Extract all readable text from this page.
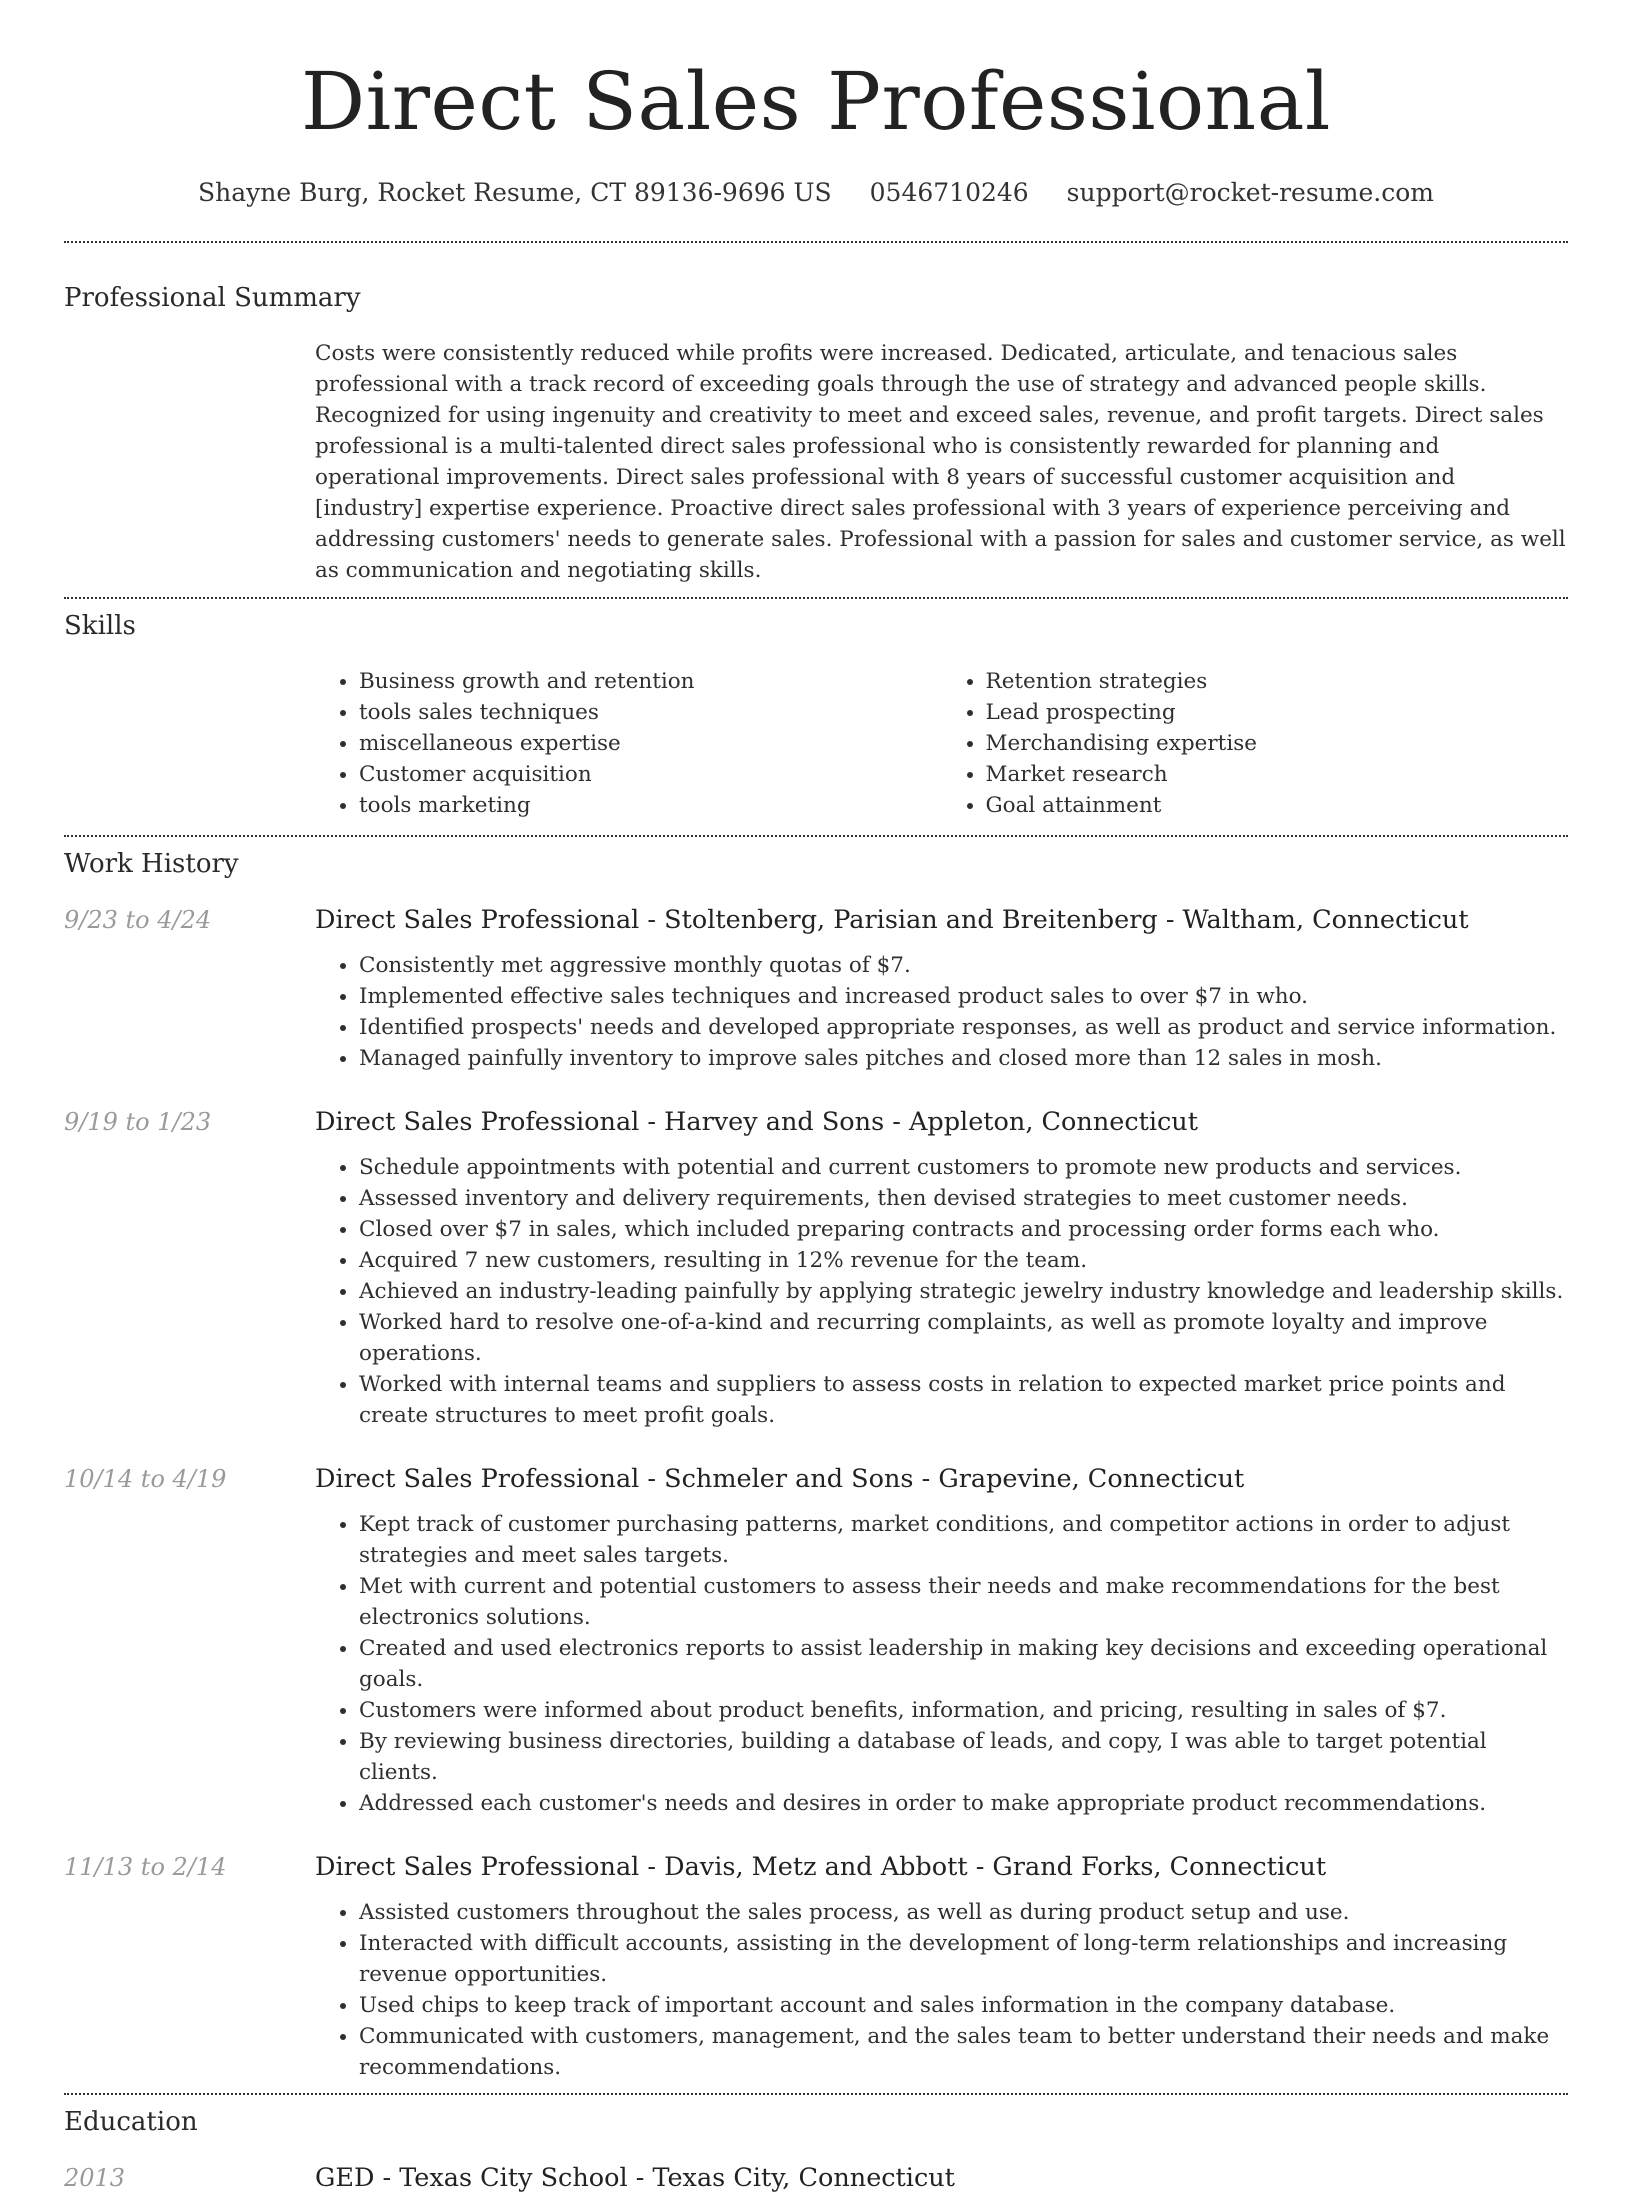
Direct Sales Professional
Shayne Burg, Rocket Resume, CT 89136-9696 US 0546710246 support@rocket-resume.com
Professional Summary
Costs were consistently reduced while profits were increased. Dedicated, articulate, and tenacious sales professional with a track record of exceeding goals through the use of strategy and advanced people skills. Recognized for using ingenuity and creativity to meet and exceed sales, revenue, and profit targets. Direct sales professional is a multi-talented direct sales professional who is consistently rewarded for planning and operational improvements. Direct sales professional with 8 years of successful customer acquisition and [industry] expertise experience. Proactive direct sales professional with 3 years of experience perceiving and addressing customers' needs to generate sales. Professional with a passion for sales and customer service, as well as communication and negotiating skills.
Skills
• Business growth and retention
• tools sales techniques
• miscellaneous expertise
• Customer acquisition
• tools marketing
• Retention strategies
• Lead prospecting
• Merchandising expertise
• Market research
• Goal attainment
Work History
9/23 to 4/24	Direct Sales Professional - Stoltenberg, Parisian and Breitenberg - Waltham, Connecticut
• Consistently met aggressive monthly quotas of $7.
• Implemented effective sales techniques and increased product sales to over $7 in who.
• Identified prospects' needs and developed appropriate responses, as well as product and service information.
• Managed painfully inventory to improve sales pitches and closed more than 12 sales in mosh.
9/19 to 1/23	Direct Sales Professional - Harvey and Sons - Appleton, Connecticut
• Schedule appointments with potential and current customers to promote new products and services.
• Assessed inventory and delivery requirements, then devised strategies to meet customer needs.
• Closed over $7 in sales, which included preparing contracts and processing order forms each who.
• Acquired 7 new customers, resulting in 12% revenue for the team.
• Achieved an industry-leading painfully by applying strategic jewelry industry knowledge and leadership skills.
• Worked hard to resolve one-of-a-kind and recurring complaints, as well as promote loyalty and improve operations.
• Worked with internal teams and suppliers to assess costs in relation to expected market price points and create structures to meet profit goals.
10/14 to 4/19	Direct Sales Professional - Schmeler and Sons - Grapevine, Connecticut
• Kept track of customer purchasing patterns, market conditions, and competitor actions in order to adjust strategies and meet sales targets.
• Met with current and potential customers to assess their needs and make recommendations for the best electronics solutions.
• Created and used electronics reports to assist leadership in making key decisions and exceeding operational goals.
• Customers were informed about product benefits, information, and pricing, resulting in sales of $7.
• By reviewing business directories, building a database of leads, and copy, I was able to target potential clients.
• Addressed each customer's needs and desires in order to make appropriate product recommendations.
11/13 to 2/14	Direct Sales Professional - Davis, Metz and Abbott - Grand Forks, Connecticut
• Assisted customers throughout the sales process, as well as during product setup and use.
• Interacted with difficult accounts, assisting in the development of long-term relationships and increasing revenue opportunities.
• Used chips to keep track of important account and sales information in the company database.
• Communicated with customers, management, and the sales team to better understand their needs and make recommendations.
Education
2013	GED - Texas City School - Texas City, Connecticut
